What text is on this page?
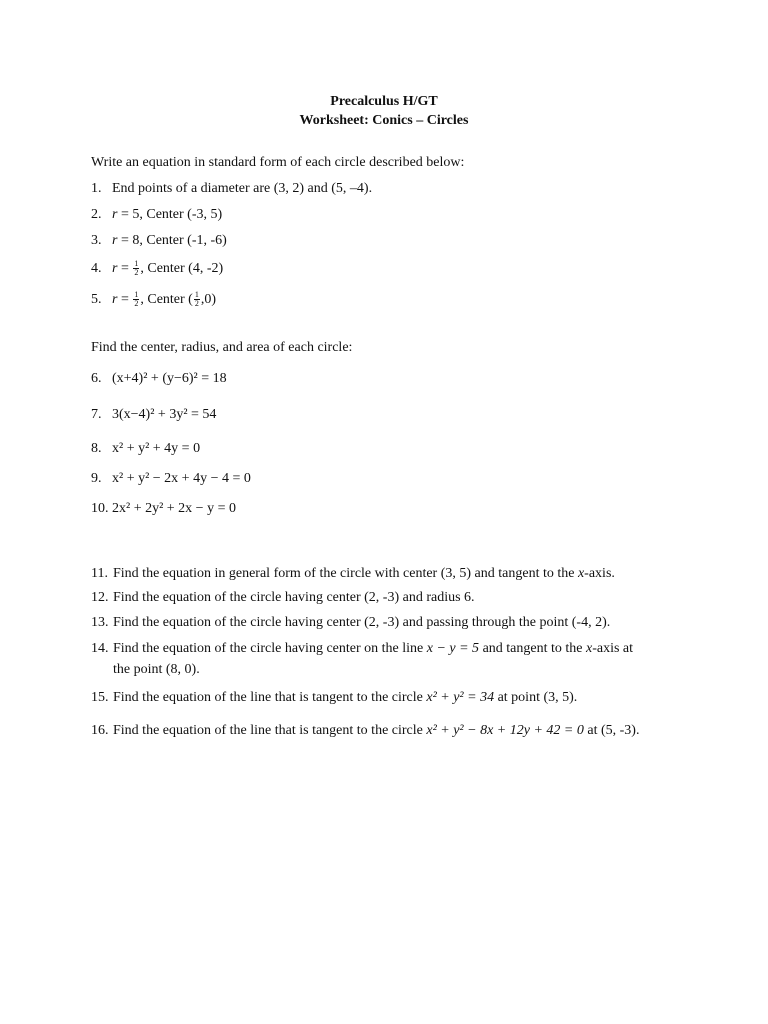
Precalculus H/GT
Worksheet: Conics – Circles
Write an equation in standard form of each circle described below:
1. End points of a diameter are (3, 2) and (5, –4).
2. r = 5, Center (-3, 5)
3. r = 8, Center (-1, -6)
4. $r = \frac{1}{2}$ , Center (4, -2)
5. $r = \frac{1}{2}$ , Center ( $\frac{1}{2} ,0$)
Find the center, radius, and area of each circle:
6. (x+4)² + (y−6)² = 18
7. 3(x−4)² + 3y² = 54
8. x² + y² + 4y = 0
9. x² + y² − 2x + 4y − 4 = 0
10. 2x² + 2y² + 2x − y = 0
11. Find the equation in general form of the circle with center (3, 5) and tangent to the x-axis.
12. Find the equation of the circle having center (2, -3) and radius 6.
13. Find the equation of the circle having center (2, -3) and passing through the point (-4, 2).
14. Find the equation of the circle having center on the line x − y = 5 and tangent to the x-axis at
the point (8, 0).
15. Find the equation of the line that is tangent to the circle x² + y² = 34 at point (3, 5).
16. Find the equation of the line that is tangent to the circle x² + y² − 8x + 12y + 42 = 0 at (5, -3).
